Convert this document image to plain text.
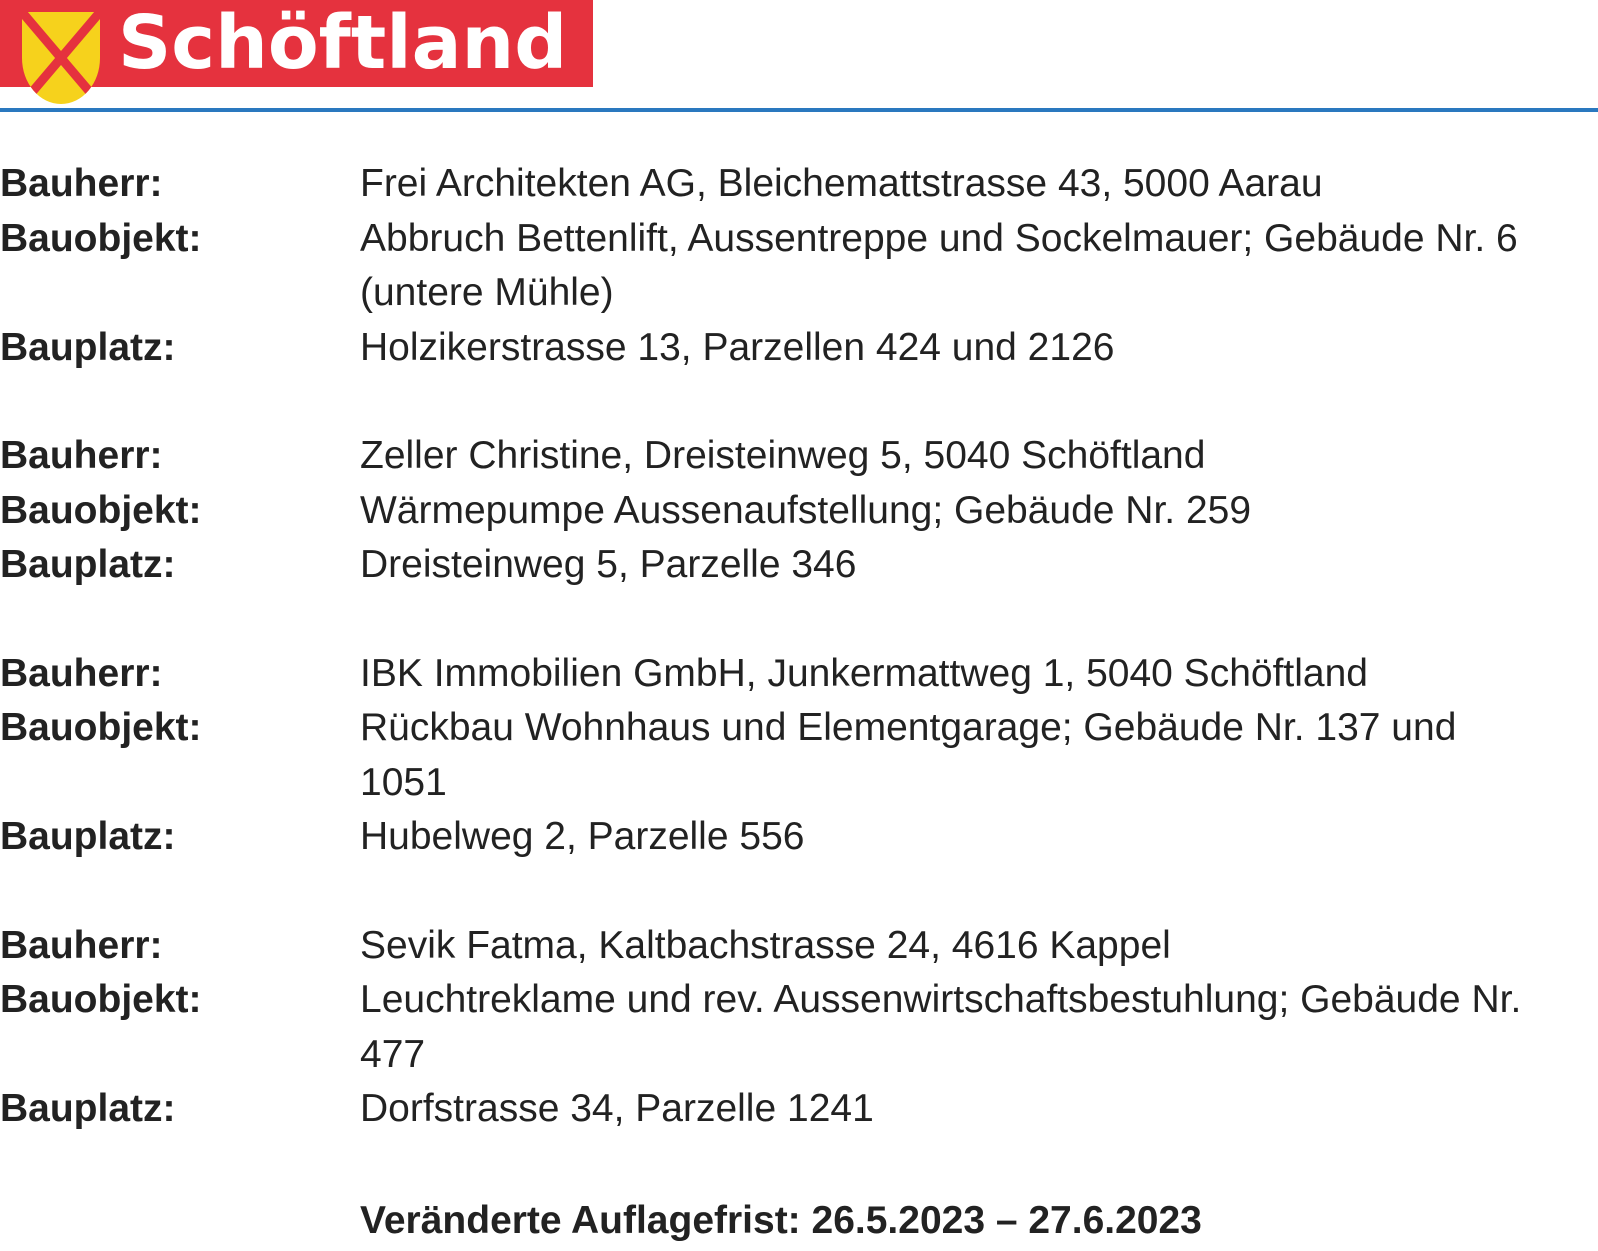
Schöftland
Bauherr:	Frei Architekten AG, Bleichemattstrasse 43, 5000 Aarau
Bauobjekt:	Abbruch Bettenlift, Aussentreppe und Sockelmauer; Gebäude Nr. 6 (untere Mühle)
Bauplatz:	Holzikerstrasse 13, Parzellen 424 und 2126
Bauherr:	Zeller Christine, Dreisteinweg 5, 5040 Schöftland
Bauobjekt:	Wärmepumpe Aussenaufstellung; Gebäude Nr. 259
Bauplatz:	Dreisteinweg 5, Parzelle 346
Bauherr:	IBK Immobilien GmbH, Junkermattweg 1, 5040 Schöftland
Bauobjekt:	Rückbau Wohnhaus und Elementgarage; Gebäude Nr. 137 und 1051
Bauplatz:	Hubelweg 2, Parzelle 556
Bauherr:	Sevik Fatma, Kaltbachstrasse 24, 4616 Kappel
Bauobjekt:	Leuchtreklame und rev. Aussenwirtschaftsbestuhlung; Gebäude Nr. 477
Bauplatz:	Dorfstrasse 34, Parzelle 1241
Veränderte Auflagefrist: 26.5.2023 – 27.6.2023
